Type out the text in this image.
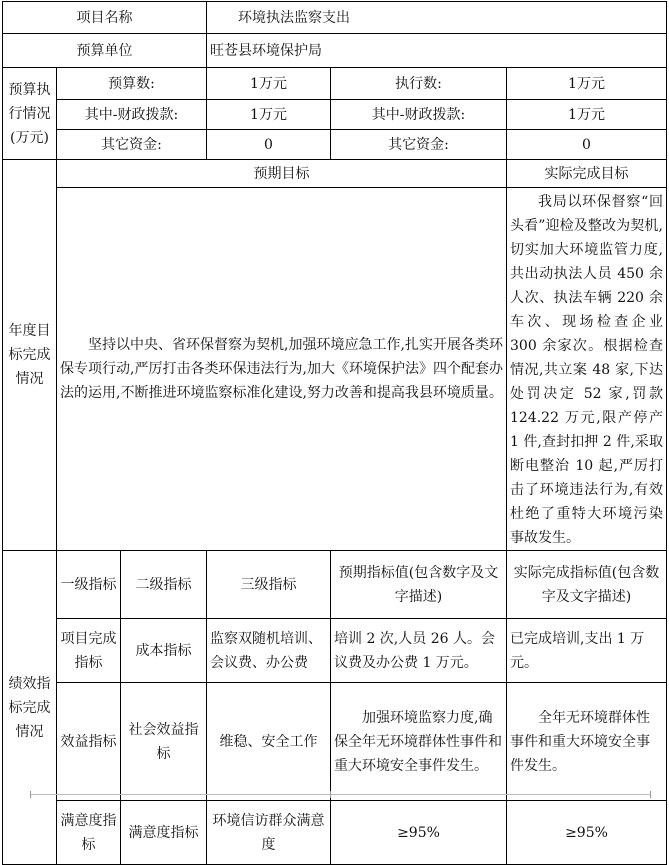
项目名称			环境执法监察支出		
预算单位			旺苍县环境保护局		
预算执行情况(万元)	预算数:		1万元	执行数:	1万元
	其中-财政拨款:		1万元	其中-财政拨款:	1万元
	其它资金:		0	其它资金:	0
年度目标完成情况	预期目标				实际完成目标
	坚持以中央、省环保督察为契机,加强环境应急工作,扎实开展各类环保专项行动,严厉打击各类环保违法行为,加大《环境保护法》四个配套办法的运用,不断推进环境监察标准化建设,努力改善和提高我县环境质量。				我局以环保督察“回头看”迎检及整改为契机,切实加大环境监管力度,共出动执法人员 450 余人次、执法车辆 220 余车次、现场检查企业 300 余家次。根据检查情况,共立案 48 家,下达处罚决定 52 家,罚款 124.22 万元,限产停产 1 件,查封扣押 2 件,采取断电整治 10 起,严厉打击了环境违法行为,有效杜绝了重特大环境污染事故发生。
绩效指标完成情况	一级指标	二级指标	三级指标	预期指标值(包含数字及文字描述)	实际完成指标值(包含数字及文字描述)
	项目完成指标	成本指标	监察双随机培训、会议费、办公费	培训 2 次,人员 26 人。会议费及办公费 1 万元。	已完成培训,支出 1 万元。
	效益指标	社会效益指标	维稳、安全工作	加强环境监察力度,确保全年无环境群体性事件和重大环境安全事件发生。	全年无环境群体性事件和重大环境安全事件发生。
	满意度指标	满意度指标	环境信访群众满意度	≥95%	≥95%
